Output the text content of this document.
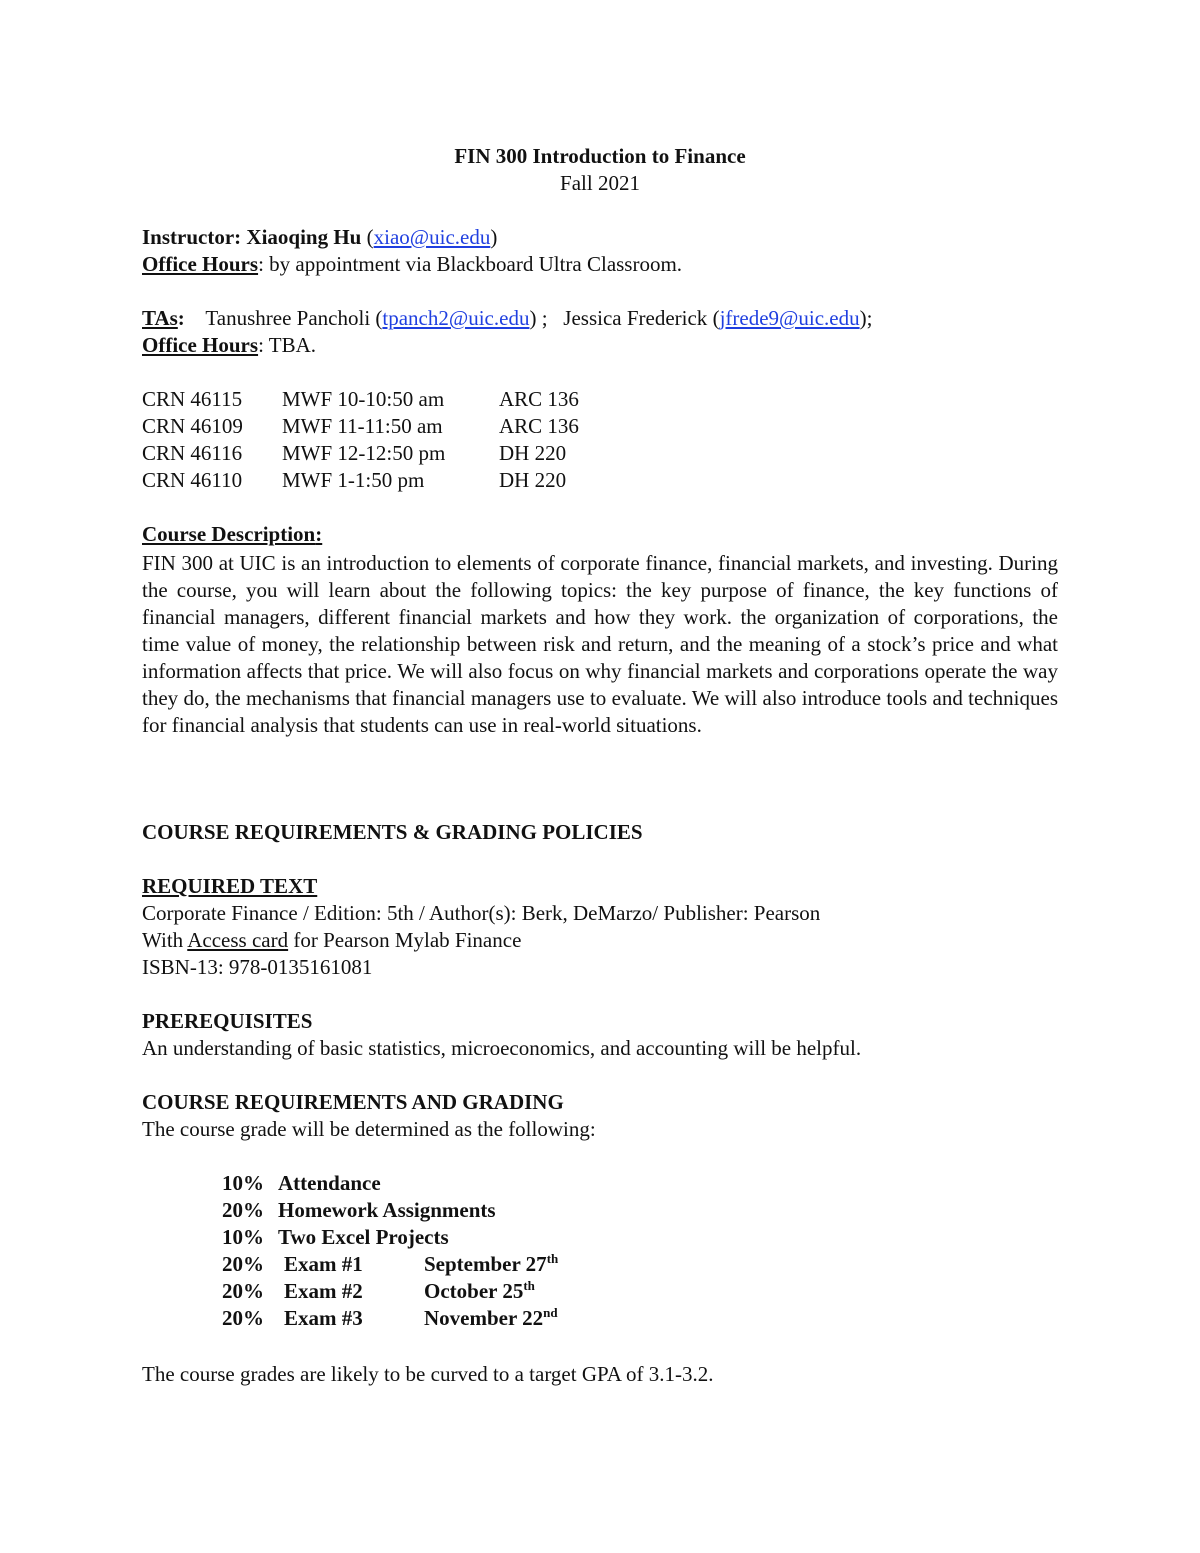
FIN 300 Introduction to Finance
Fall 2021
Instructor: Xiaoqing Hu (xiao@uic.edu)
Office Hours: by appointment via Blackboard Ultra Classroom.
TAs: Tanushree Pancholi (tpanch2@uic.edu) ;   Jessica Frederick (jfrede9@uic.edu);
Office Hours: TBA.
CRN 46115 MWF 10-10:50 am	ARC 136
CRN 46109 MWF 11-11:50 am	ARC 136
CRN 46116 MWF 12-12:50 pm	DH 220
CRN 46110 MWF 1-1:50 pm	DH 220
Course Description:

FIN 300 at UIC is an introduction to elements of corporate finance, financial markets, and investing. During the course, you will learn about the following topics: the key purpose of finance, the key functions of financial managers, different financial markets and how they work. the organization of corporations, the time value of money, the relationship between risk and return, and the meaning of a stock’s price and what information affects that price. We will also focus on why financial markets and corporations operate the way they do, the mechanisms that financial managers use to evaluate. We will also introduce tools and techniques for financial analysis that students can use in real-world situations.

COURSE REQUIREMENTS & GRADING POLICIES
REQUIRED TEXT
Corporate Finance / Edition: 5th / Author(s): Berk, DeMarzo/ Publisher: Pearson
With Access card for Pearson Mylab Finance
ISBN-13: 978-0135161081
PREREQUISITES
An understanding of basic statistics, microeconomics, and accounting will be helpful.
COURSE REQUIREMENTS AND GRADING
The course grade will be determined as the following:
10% Attendance
20% Homework Assignments
10% Two Excel Projects
20% Exam #1	September 27th
20% Exam #2	October 25th
20% Exam #3	November 22nd
The course grades are likely to be curved to a target GPA of 3.1-3.2.
